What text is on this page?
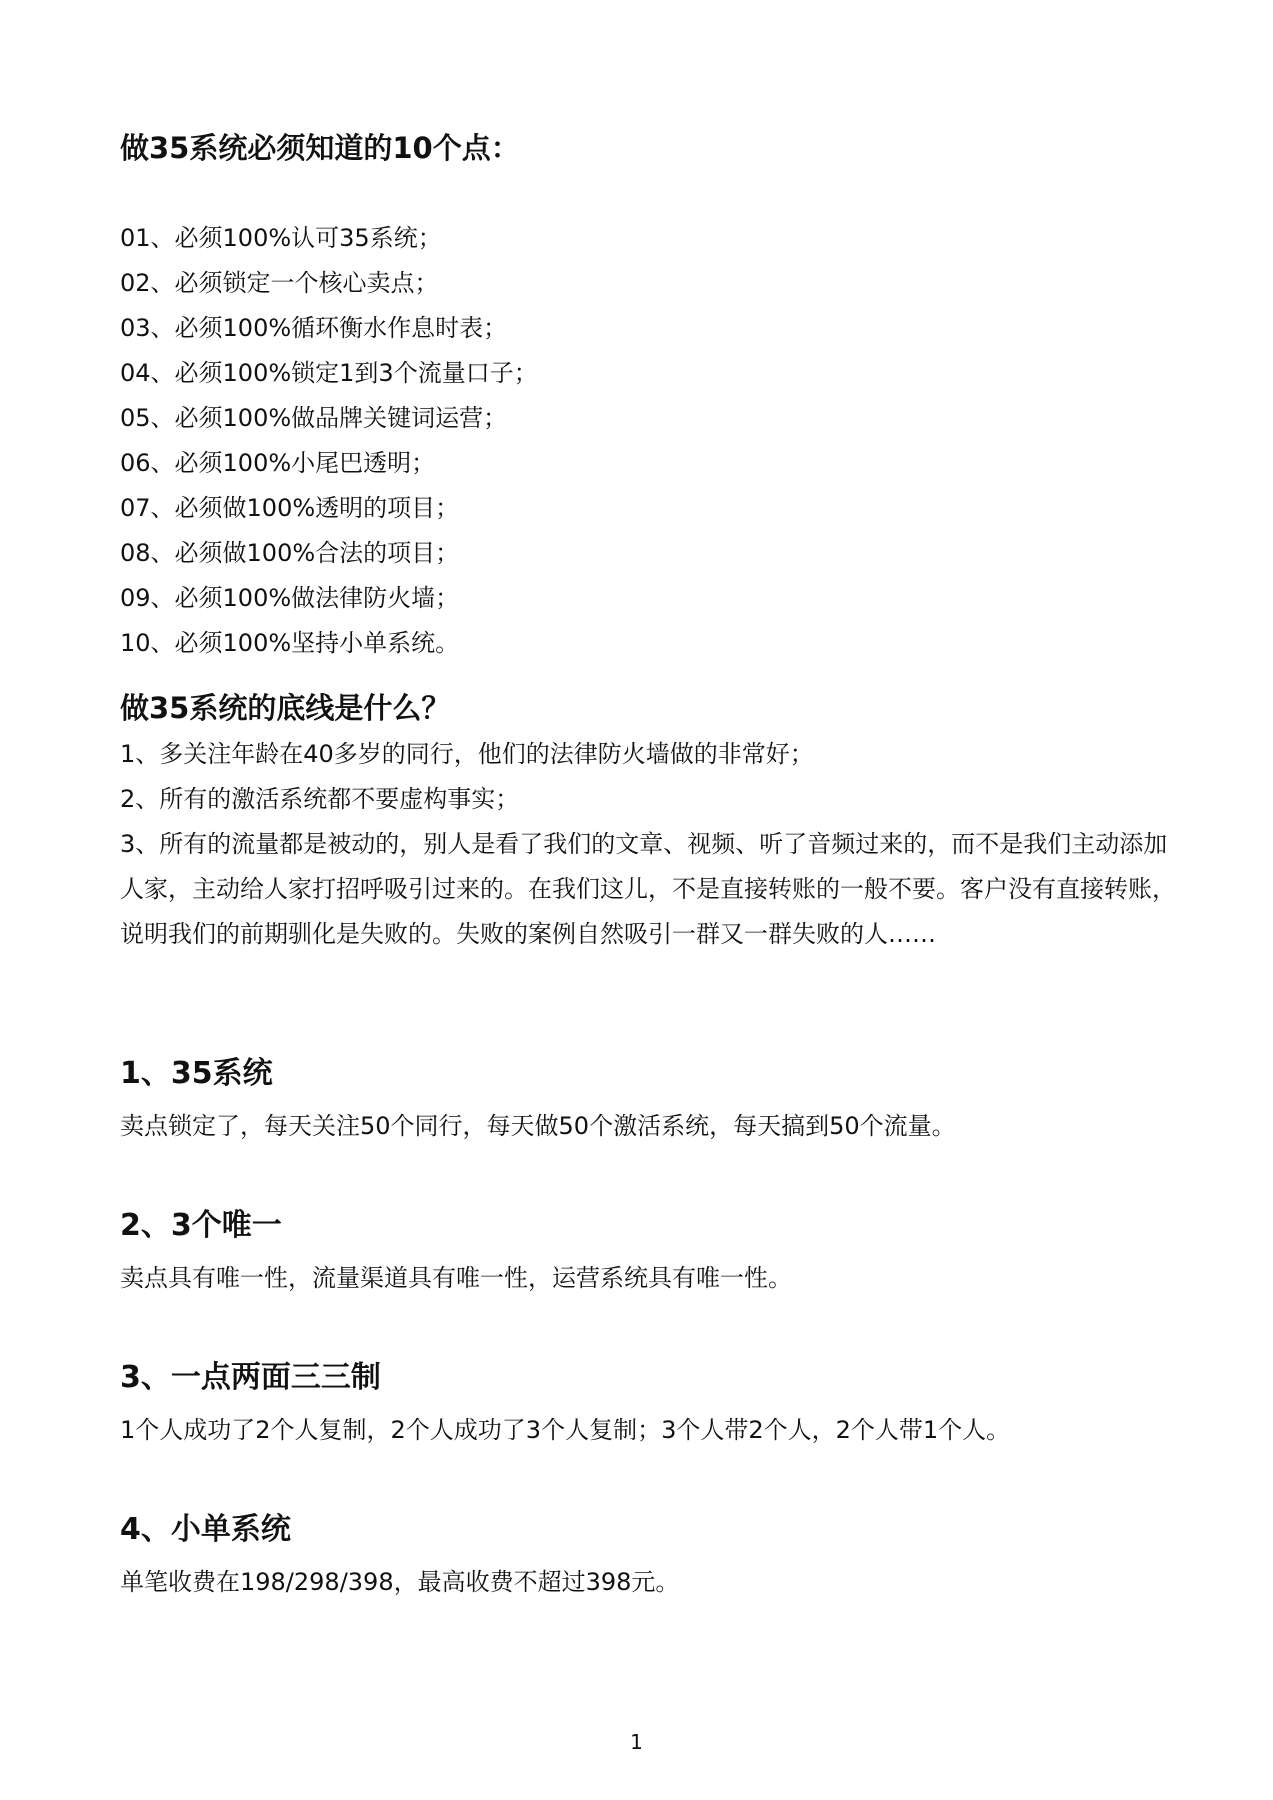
做35系统必须知道的10个点：
01、必须100%认可35系统；
02、必须锁定一个核心卖点；
03、必须100%循环衡水作息时表；
04、必须100%锁定1到3个流量口子；
05、必须100%做品牌关键词运营；
06、必须100%小尾巴透明；
07、必须做100%透明的项目；
08、必须做100%合法的项目；
09、必须100%做法律防火墙；
10、必须100%坚持小单系统。
做35系统的底线是什么？
1、多关注年龄在40多岁的同行，他们的法律防火墙做的非常好；
2、所有的激活系统都不要虚构事实；
3、所有的流量都是被动的，别人是看了我们的文章、视频、听了音频过来的，而不是我们主动添加人家，主动给人家打招呼吸引过来的。在我们这儿，不是直接转账的一般不要。客户没有直接转账，说明我们的前期驯化是失败的。失败的案例自然吸引一群又一群失败的人……
1、35系统

卖点锁定了，每天关注50个同行，每天做50个激活系统，每天搞到50个流量。

2、3个唯一

卖点具有唯一性，流量渠道具有唯一性，运营系统具有唯一性。

3、一点两面三三制

1个人成功了2个人复制，2个人成功了3个人复制；3个人带2个人，2个人带1个人。

4、小单系统

单笔收费在198/298/398，最高收费不超过398元。

1
